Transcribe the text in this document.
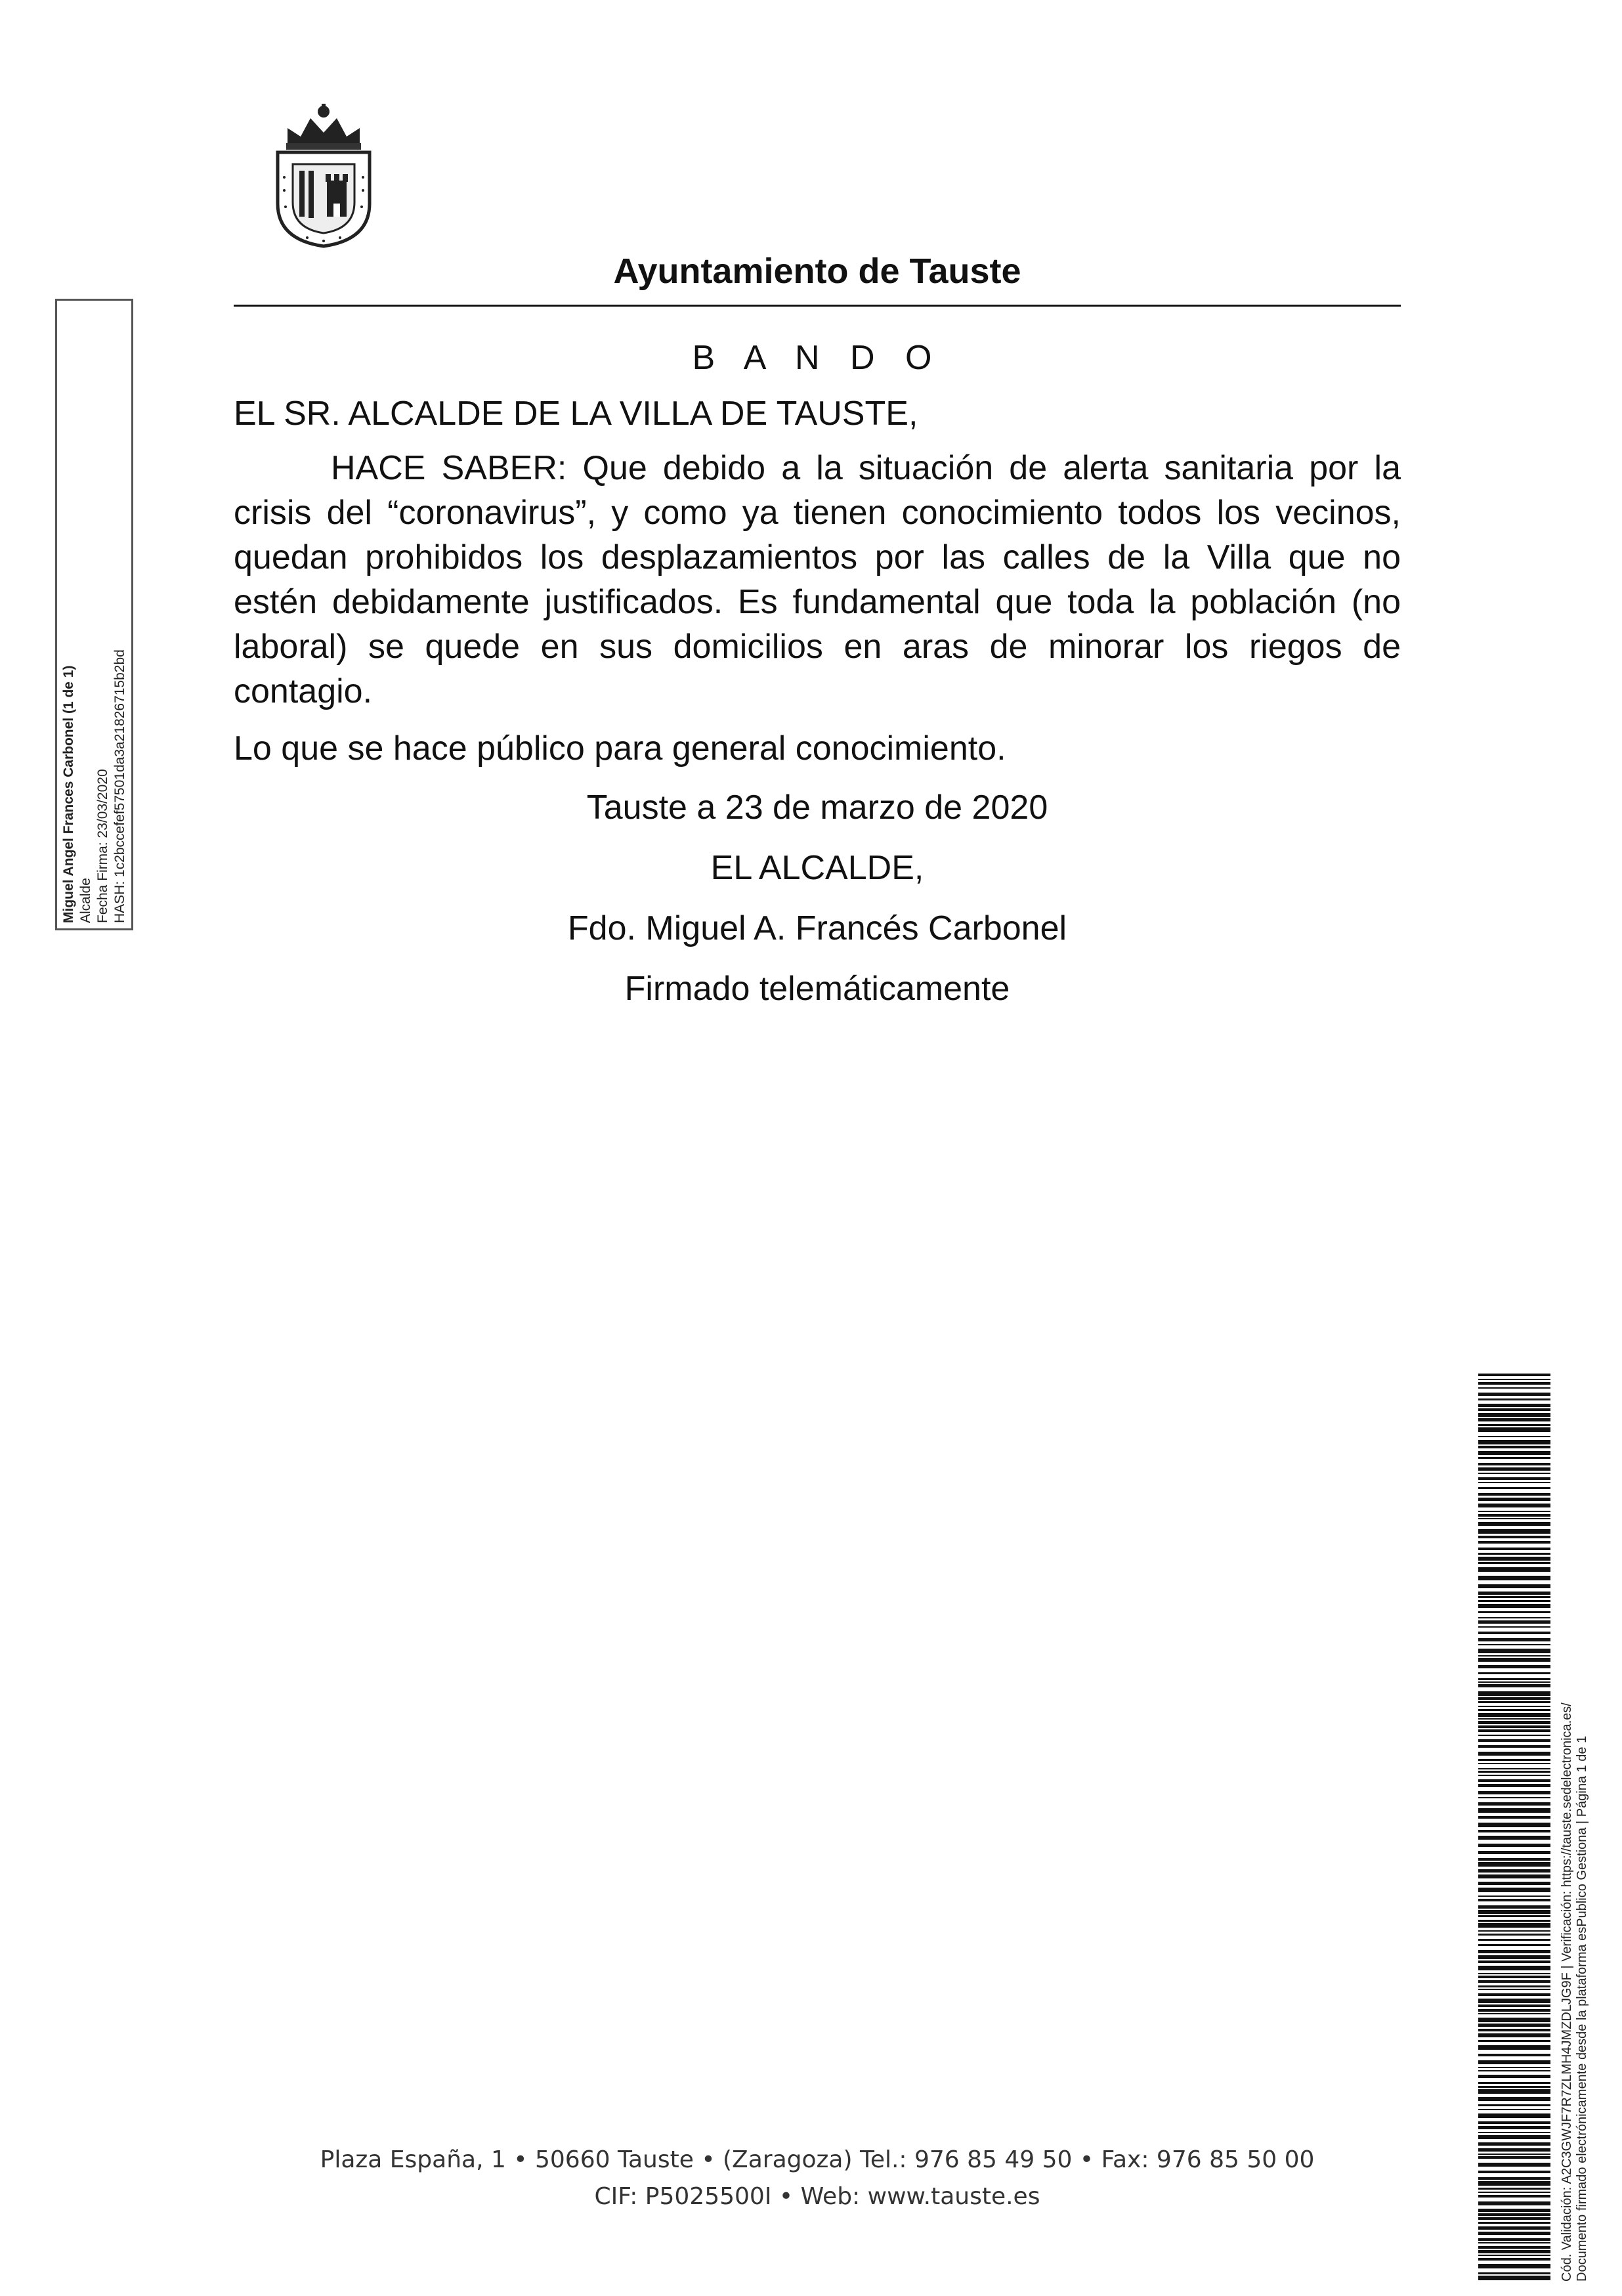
Ayuntamiento de Tauste
B A N D O
EL SR. ALCALDE DE LA VILLA DE TAUSTE,
HACE SABER: Que debido a la situación de alerta sanitaria por la crisis del “coronavirus”, y como ya tienen conocimiento todos los vecinos, quedan prohibidos los desplazamientos por las calles de la Villa que no estén debidamente justificados. Es fundamental que toda la población (no laboral) se quede en sus domicilios en aras de minorar los riegos de contagio.
Lo que se hace público para general conocimiento.
Tauste a 23 de marzo de 2020
EL ALCALDE,
Fdo. Miguel A. Francés Carbonel
Firmado telemáticamente
Miguel Angel Frances Carbonel (1 de 1) Alcalde Fecha Firma: 23/03/2020 HASH: 1c2bccefef57501da3a21826715b2bd
Cód. Validación: A2C3GWJF7R7ZLMH4JMZDLJG9F | Verificación: https://tauste.sedelectronica.es/ Documento firmado electrónicamente desde la plataforma esPublico Gestiona | Página 1 de 1
Plaza España, 1 • 50660 Tauste • (Zaragoza) Tel.: 976 85 49 50 • Fax: 976 85 50 00
CIF: P5025500I • Web: www.tauste.es
